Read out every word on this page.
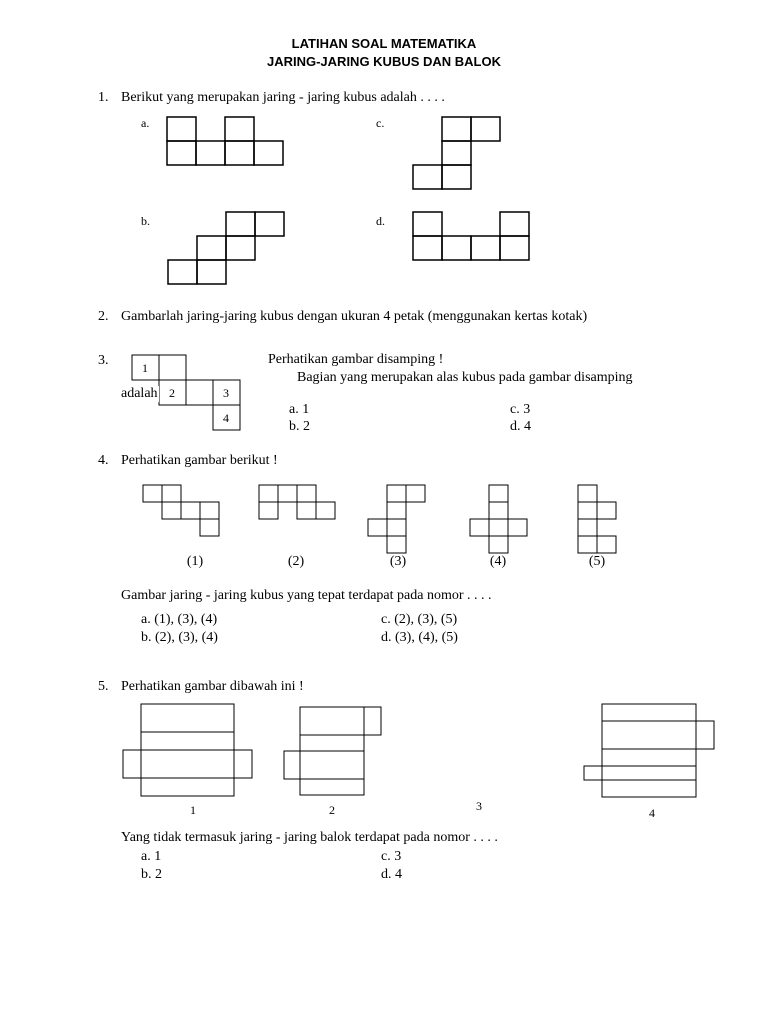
LATIHAN SOAL MATEMATIKA
JARING-JARING KUBUS DAN BALOK
1. Berikut yang merupakan jaring - jaring kubus adalah . . . .
a.
b.
c.
d.
2. Gambarlah jaring-jaring kubus dengan ukuran 4 petak (menggunakan kertas kotak)
3.	1
2	3
4
Perhatikan gambar disamping !
Bagian yang merupakan alas kubus pada gambar disamping
adalah
a. 1
b. 2
c. 3
d. 4
4. Perhatikan gambar berikut !
(1)	(2)	(3)	(4)	(5)
Gambar jaring - jaring kubus yang tepat terdapat pada nomor . . . .
a. (1), (3), (4)
b. (2), (3), (4)
c. (2), (3), (5)
d. (3), (4), (5)
5. Perhatikan gambar dibawah ini !
1	2	3	4
Yang tidak termasuk jaring - jaring balok terdapat pada nomor . . . .
a. 1
b. 2
c. 3
d. 4
